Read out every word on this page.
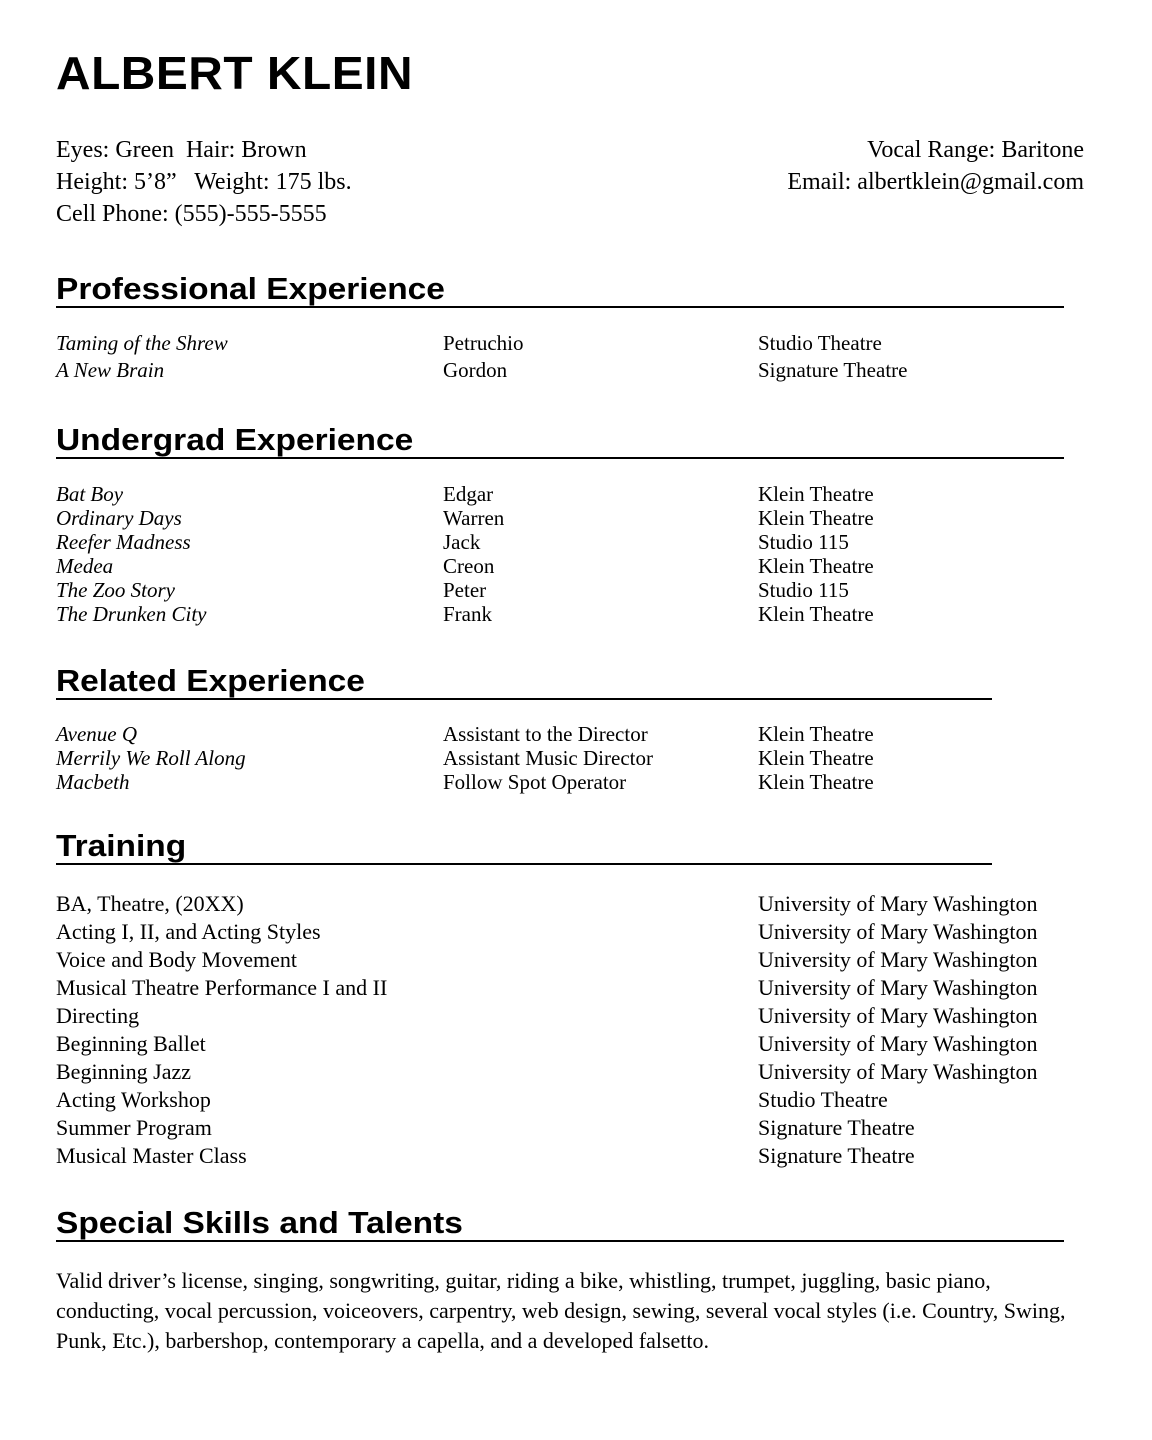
ALBERT KLEIN
Eyes: Green  Hair: Brown
Height: 5’8”   Weight: 175 lbs.
Cell Phone: (555)-555-5555
Vocal Range: Baritone
Email: albertklein@gmail.com
Professional Experience
Taming of the Shrew	Petruchio	Studio Theatre
A New Brain	Gordon	Signature Theatre
Undergrad Experience
Bat Boy	Edgar	Klein Theatre
Ordinary Days	Warren	Klein Theatre
Reefer Madness	Jack	Studio 115
Medea	Creon	Klein Theatre
The Zoo Story	Peter	Studio 115
The Drunken City	Frank	Klein Theatre
Related Experience
Avenue Q	Assistant to the Director	Klein Theatre
Merrily We Roll Along	Assistant Music Director	Klein Theatre
Macbeth	Follow Spot Operator	Klein Theatre
Training
BA, Theatre, (20XX)	University of Mary Washington
Acting I, II, and Acting Styles	University of Mary Washington
Voice and Body Movement	University of Mary Washington
Musical Theatre Performance I and II	University of Mary Washington
Directing	University of Mary Washington
Beginning Ballet	University of Mary Washington
Beginning Jazz	University of Mary Washington
Acting Workshop	Studio Theatre
Summer Program	Signature Theatre
Musical Master Class	Signature Theatre
Special Skills and Talents
Valid driver’s license, singing, songwriting, guitar, riding a bike, whistling, trumpet, juggling, basic piano, conducting, vocal percussion, voiceovers, carpentry, web design, sewing, several vocal styles (i.e. Country, Swing, Punk, Etc.), barbershop, contemporary a capella, and a developed falsetto.
